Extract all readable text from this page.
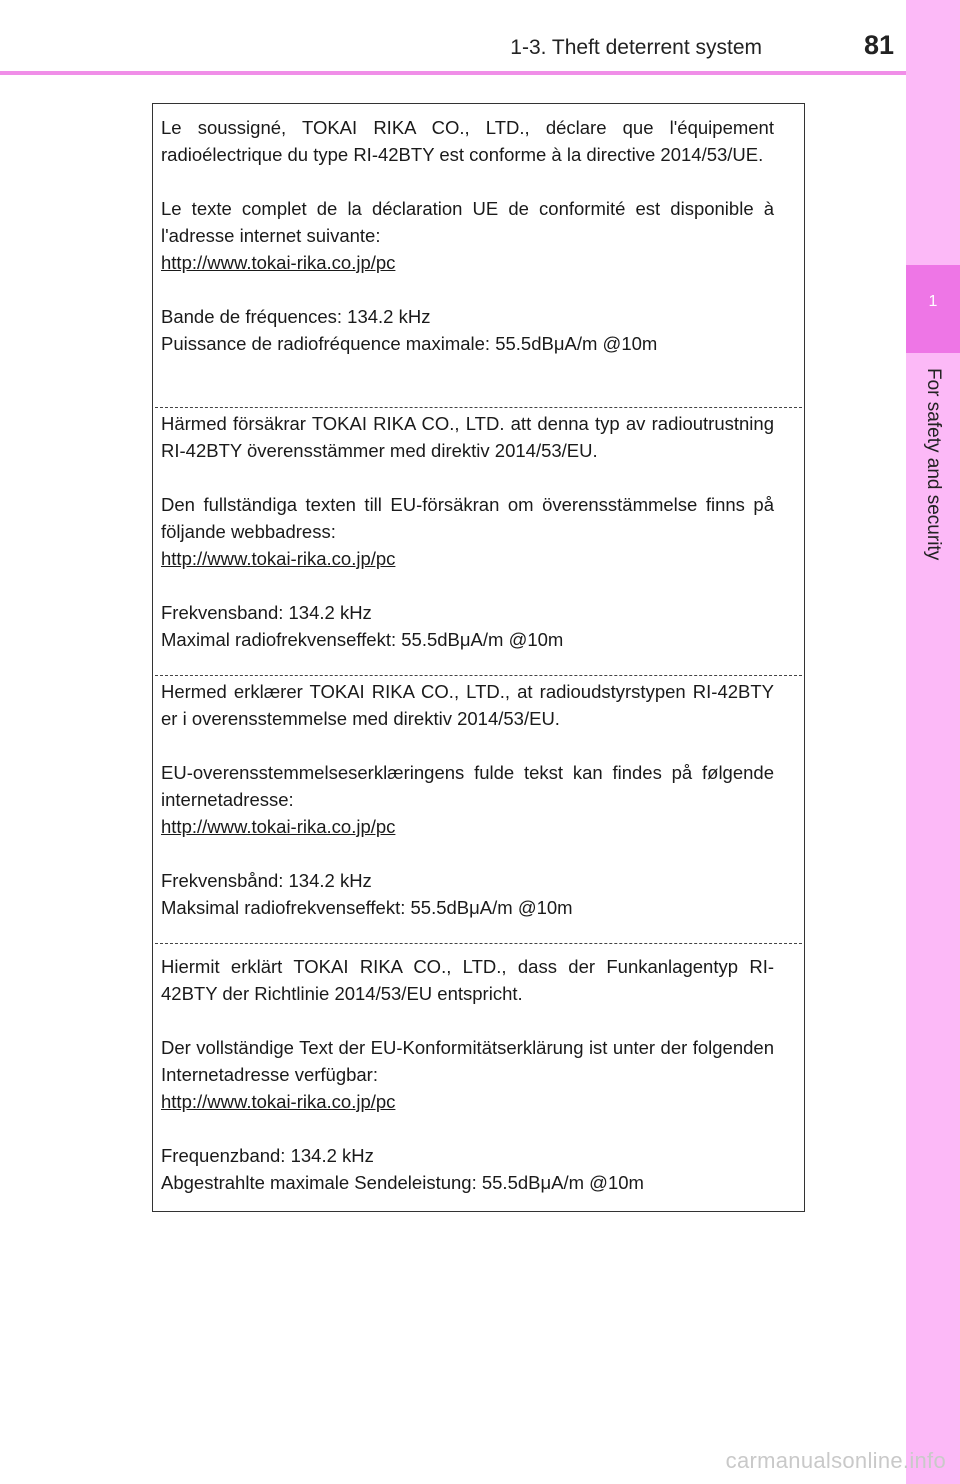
1-3. Theft deterrent system	81
1
For safety and security

Le soussigné, TOKAI RIKA CO., LTD., déclare que l'équipement radioélectrique du type RI-42BTY est conforme à la directive 2014/53/UE.

Le texte complet de la déclaration UE de conformité est disponible à l'adresse internet suivante:

http://www.tokai-rika.co.jp/pc
Bande de fréquences: 134.2 kHz
Puissance de radiofréquence maximale: 55.5dBμA/m @10m

Härmed försäkrar TOKAI RIKA CO., LTD. att denna typ av radioutrustning RI-42BTY överensstämmer med direktiv 2014/53/EU.

Den fullständiga texten till EU-försäkran om överensstämmelse finns på följande webbadress:

http://www.tokai-rika.co.jp/pc
Frekvensband: 134.2 kHz
Maximal radiofrekvenseffekt: 55.5dBμA/m @10m

Hermed erklærer TOKAI RIKA CO., LTD., at radioudstyrstypen RI-42BTY er i overensstemmelse med direktiv 2014/53/EU.

EU-overensstemmelseserklæringens fulde tekst kan findes på følgende internetadresse:

http://www.tokai-rika.co.jp/pc
Frekvensbånd: 134.2 kHz
Maksimal radiofrekvenseffekt: 55.5dBμA/m @10m

Hiermit erklärt TOKAI RIKA CO., LTD., dass der Funkanlagentyp RI-42BTY der Richtlinie 2014/53/EU entspricht.

Der vollständige Text der EU-Konformitätserklärung ist unter der folgenden Internetadresse verfügbar:

http://www.tokai-rika.co.jp/pc
Frequenzband: 134.2 kHz
Abgestrahlte maximale Sendeleistung: 55.5dBμA/m @10m
carmanualsonline.info
